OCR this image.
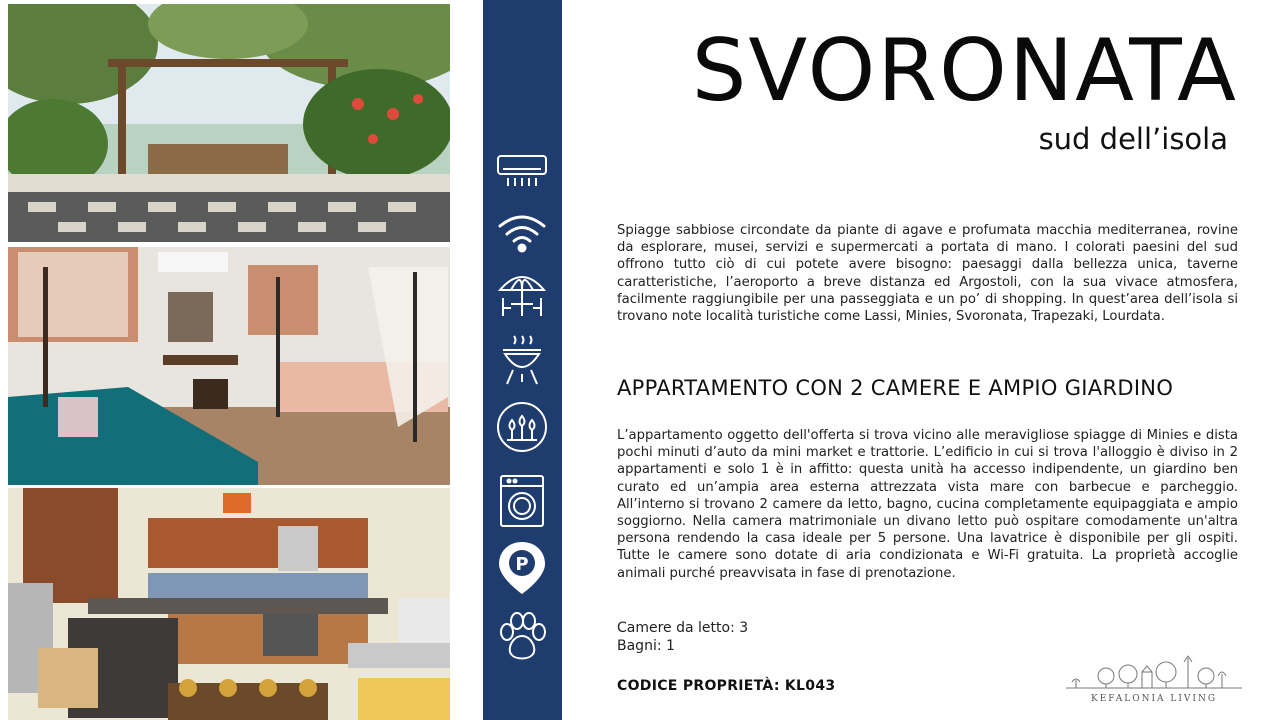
P
SVORONATA
sud dell’isola
Spiagge sabbiose circondate da piante di agave e profumata macchia mediterranea, rovine da esplorare, musei, servizi e supermercati a portata di mano. I colorati paesini del sud offrono tutto ciò di cui potete avere bisogno: paesaggi dalla bellezza unica, taverne caratteristiche, l’aeroporto a breve distanza ed Argostoli, con la sua vivace atmosfera, facilmente raggiungibile per una passeggiata e un po’ di shopping. In quest’area dell’isola si trovano note località turistiche come Lassi, Minies, Svoronata, Trapezaki, Lourdata.
APPARTAMENTO CON 2 CAMERE E AMPIO GIARDINO
L’appartamento oggetto dell'offerta si trova vicino alle meravigliose spiagge di Minies e dista pochi minuti d’auto da mini market e trattorie. L’edificio in cui si trova l'alloggio è diviso in 2 appartamenti e solo 1 è in affitto: questa unità ha accesso indipendente, un giardino ben curato ed un’ampia area esterna attrezzata vista mare con barbecue e parcheggio. All’interno si trovano 2 camere da letto, bagno, cucina completamente equipaggiata e ampio soggiorno. Nella camera matrimoniale un divano letto può ospitare comodamente un'altra persona rendendo la casa ideale per 5 persone. Una lavatrice è disponibile per gli ospiti. Tutte le camere sono dotate di aria condizionata e Wi-Fi gratuita. La proprietà accoglie animali purché preavvisata in fase di prenotazione.
Camere da letto: 3
Bagni: 1
CODICE PROPRIETÀ: KL043
KEFALONIA LIVING
